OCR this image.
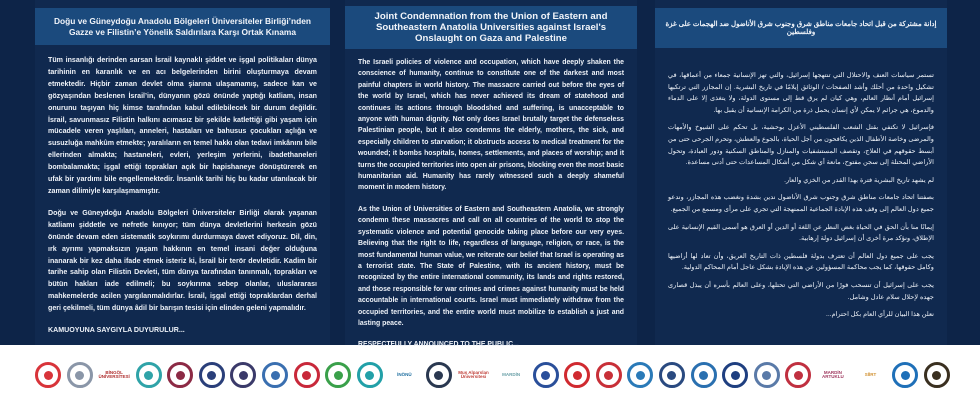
Doğu ve Güneydoğu Anadolu Bölgeleri Üniversiteler Birliği’nden Gazze ve Filistin’e Yönelik Saldırılara Karşı Ortak Kınama

Tüm insanlığı derinden sarsan İsrail kaynaklı şiddet ve işgal politikaları dünya tarihinin en karanlık ve en acı belgelerinden birini oluşturmaya devam etmektedir. Hiçbir zaman devlet olma şiarına ulaşamamış, sadece kan ve gözyaşından beslenen İsrail’in, dünyanın gözü önünde yaptığı katliam, insan onurunu taşıyan hiç kimse tarafından kabul edilebilecek bir durum değildir. İsrail, savunmasız Filistin halkını acımasız bir şekilde katlettiği gibi yaşam için mücadele veren yaşlıları, anneleri, hastaları ve bahusus çocukları açlığa ve susuzluğa mahkûm etmekte; yaralıların en temel hakkı olan tedavi imkânını bile ellerinden almakta; hastaneleri, evleri, yerleşim yerlerini, ibadethaneleri bombalamakta; işgal ettiği toprakları açık bir hapishaneye dönüştürerek en ufak bir yardımı bile engellemektedir. İnsanlık tarihi hiç bu kadar utanılacak bir zaman dilimiyle karşılaşmamıştır.

Doğu ve Güneydoğu Anadolu Bölgeleri Üniversiteler Birliği olarak yaşanan katliamı şiddetle ve nefretle kınıyor; tüm dünya devletlerini herkesin gözü önünde devam eden sistematik soykırımı durdurmaya davet ediyoruz. Dil, din, ırk ayrımı yapmaksızın yaşam hakkının en temel insani değer olduğuna inanarak bir kez daha ifade etmek isteriz ki, İsrail bir terör devletidir. Kadim bir tarihe sahip olan Filistin Devleti, tüm dünya tarafından tanınmalı, toprakları ve bütün hakları iade edilmeli; bu soykırıma sebep olanlar, uluslararası mahkemelerde acilen yargılanmalıdırlar. İsrail, işgal ettiği topraklardan derhal geri çekilmeli, tüm dünya âdil bir barışın tesisi için elinden geleni yapmalıdır.

KAMUOYUNA SAYGIYLA DUYURULUR...

Joint Condemnation from the Union of Eastern and Southeastern Anatolia Universities against Israel's Onslaught on Gaza and Palestine

The Israeli policies of violence and occupation, which have deeply shaken the conscience of humanity, continue to constitute one of the darkest and most painful chapters in world history. The massacre carried out before the eyes of the world by Israel, which has never achieved its dream of statehood and continues its actions through bloodshed and suffering, is unacceptable to anyone with human dignity. Not only does Israel brutally target the defenseless Palestinian people, but it also condemns the elderly, mothers, the sick, and especially children to starvation; it obstructs access to medical treatment for the wounded; it bombs hospitals, homes, settlements, and places of worship; and it turns the occupied territories into open air prisons, blocking even the most basic humanitarian aid. Humanity has rarely witnessed such a deeply shameful moment in modern history.

As the Union of Universities of Eastern and Southeastern Anatolia, we strongly condemn these massacres and call on all countries of the world to stop the systematic violence and potential genocide taking place before our very eyes. Believing that the right to life, regardless of language, religion, or race, is the most fundamental human value, we reiterate our belief that Israel is operating as a terrorist state. The State of Palestine, with its ancient history, must be recognized by the entire international community, its lands and rights restored, and those responsible for war crimes and crimes against humanity must be held accountable in international courts. Israel must immediately withdraw from the occupied territories, and the entire world must mobilize to establish a just and lasting peace.

RESPECTFULLY ANNOUNCED TO THE PUBLIC...

إدانة مشتركة من قبل اتحاد جامعات مناطق شرق وجنوب شرق الأناضول ضد الهجمات على غزة وفلسطين

تستمر سياسات العنف والاحتلال التي تنتهجها إسرائيل، والتي تهز الإنسانية جمعاء من أعماقها، في تشكيل واحدة من أحلك وأشد الصفحات / الوثائق إيلامًا في تاريخ البشرية. إن المجازر التي ترتكبها إسرائيل أمام أنظار العالم، وهي كيان لم يرق قط إلى مستوى الدولة، ولا يتغذى إلا على الدماء والدموع، هي جرائم لا يمكن لأي إنسان يحمل ذرة من الكرامة الإنسانية أن يقبل بها.

فإسرائيل لا تكتفي بقتل الشعب الفلسطيني الأعزل بوحشية، بل تحكم على الشيوخ والأمهات والمرضى وخاصة الأطفال الذين يكافحون من أجل الحياة، بالجوع والعطش، وتحرم الجرحى حتى من أبسط حقوقهم في العلاج، وتقصف المستشفيات والمنازل والمناطق السكنية ودور العبادة، وتحول الأراضي المحتلة إلى سجن مفتوح، مانعة أي شكل من أشكال المساعدات حتى أدنى مساعدة.

لم يشهد تاريخ البشرية فترة بهذا القدر من الخزي والعار.

بصفتنا اتحاد جامعات مناطق شرق وجنوب شرق الأناضول ندين بشدة ونغضب هذه المجازر، وندعو جميع دول العالم إلى وقف هذه الإبادة الجماعية الممنهجة التي تجري على مرأى ومسمع من الجميع.

إيمانًا منا بأن الحق في الحياة بغض النظر عن اللغة أو الدين أو العرق هو أسمى القيم الإنسانية على الإطلاق، ونؤكد مرة أخرى أن إسرائيل دولة إرهابية.

يجب على جميع دول العالم أن تعترف بدولة فلسطين ذات التاريخ العريق، وأن تعاد لها أراضيها وكامل حقوقها، كما يجب محاكمة المسؤولين عن هذه الإبادة بشكل عاجل أمام المحاكم الدولية.

يجب على إسرائيل أن تنسحب فورًا من الأراضي التي تحتلها، وعلى العالم بأسره أن يبذل قصارى جهده لإحلال سلام عادل وشامل.

نعلن هذا البيان للرأي العام بكل احترام...

BİNGÖL ÜNİVERSİTESİ	İNÖNÜ	Muş Alparslan Üniversitesi	MARDİN	MARDİN ARTUKLU	SİİRT
